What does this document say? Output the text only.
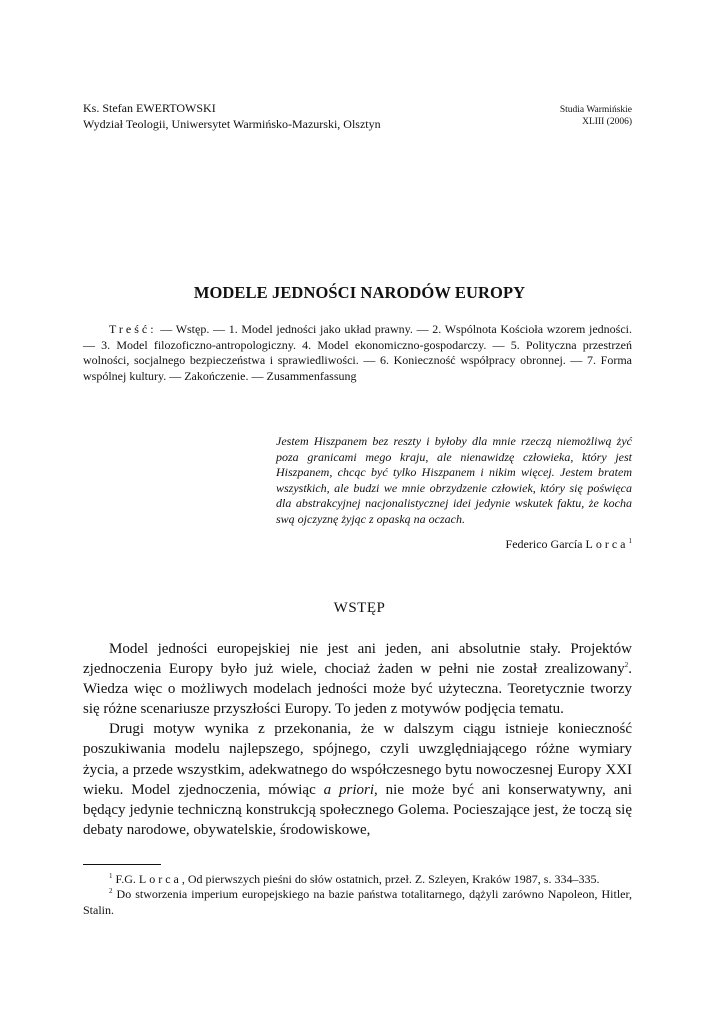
Ks. Stefan EWERTOWSKI
Wydział Teologii, Uniwersytet Warmińsko-Mazurski, Olsztyn
Studia Warmińskie
XLIII (2006)
MODELE JEDNOŚCI NARODÓW EUROPY

Treść: — Wstęp. — 1. Model jedności jako układ prawny. — 2. Wspólnota Kościoła wzorem jedności. — 3. Model filozoficzno-antropologiczny. 4. Model ekonomiczno-gospodarczy. — 5. Polityczna przestrzeń wolności, socjalnego bezpieczeństwa i sprawiedliwości. — 6. Konieczność współpracy obronnej. — 7. Forma wspólnej kultury. — Zakończenie. — Zusammenfassung

Jestem Hiszpanem bez reszty i byłoby dla mnie rzeczą niemożliwą żyć poza granicami mego kraju, ale nienawidzę człowieka, który jest Hiszpanem, chcąc być tylko Hiszpanem i nikim więcej. Jestem bratem wszystkich, ale budzi we mnie obrzydzenie człowiek, który się poświęca dla abstrakcyjnej nacjonalistycznej idei jedynie wskutek faktu, że kocha swą ojczyznę żyjąc z opaską na oczach.

Federico García Lorca$^1$
WSTĘP

Model jedności europejskiej nie jest ani jeden, ani absolutnie stały. Projektów zjednoczenia Europy było już wiele, chociaż żaden w pełni nie został zrealizowany$^2$. Wiedza więc o możliwych modelach jedności może być użyteczna. Teoretycznie tworzy się różne scenariusze przyszłości Europy. To jeden z motywów podjęcia tematu.

Drugi motyw wynika z przekonania, że w dalszym ciągu istnieje konieczność poszukiwania modelu najlepszego, spójnego, czyli uwzględniającego różne wymiary życia, a przede wszystkim, adekwatnego do współczesnego bytu nowoczesnej Europy XXI wieku. Model zjednoczenia, mówiąc a priori, nie może być ani konserwatywny, ani będący jedynie techniczną konstrukcją społecznego Golema. Pocieszające jest, że toczą się debaty narodowe, obywatelskie, środowiskowe,

$^1$ F.G. Lorca, Od pierwszych pieśni do słów ostatnich, przeł. Z. Szleyen, Kraków 1987, s. 334–335.

$^2$ Do stworzenia imperium europejskiego na bazie państwa totalitarnego, dążyli zarówno Napoleon, Hitler, Stalin.
